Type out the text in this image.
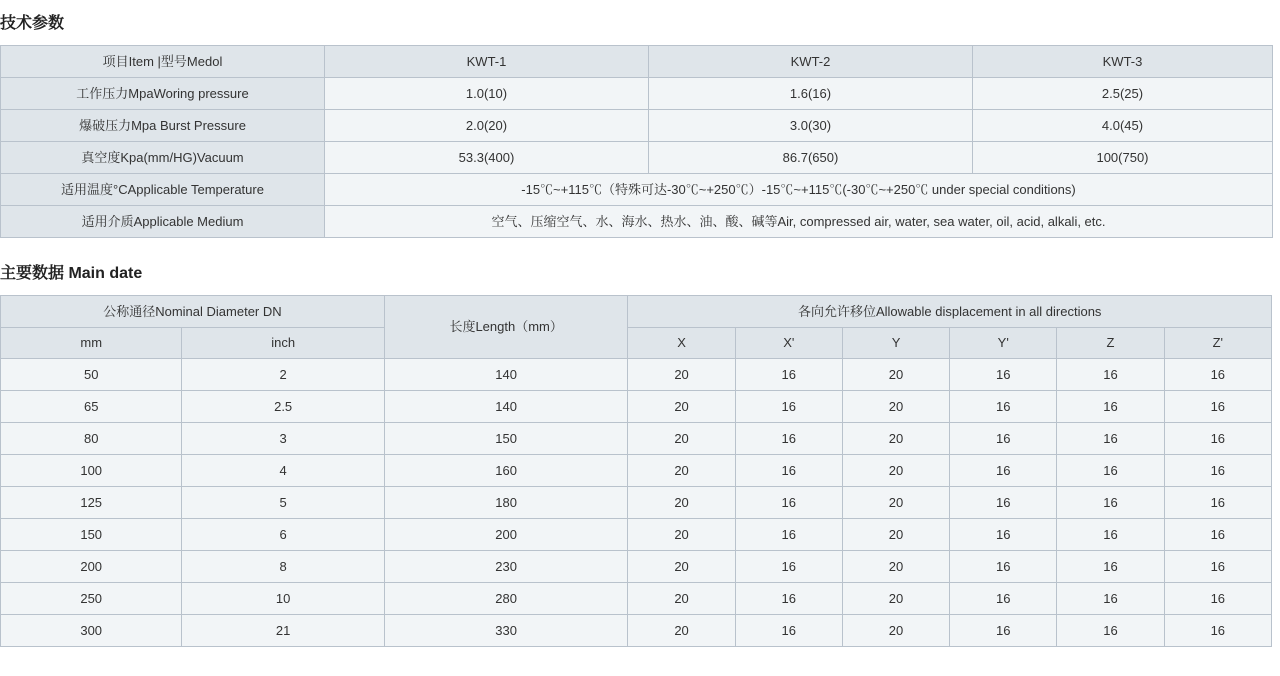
技术参数
项目Item |型号Medol	KWT-1	KWT-2	KWT-3
工作压力MpaWoring pressure	1.0(10)	1.6(16)	2.5(25)
爆破压力Mpa Burst Pressure	2.0(20)	3.0(30)	4.0(45)
真空度Kpa(mm/HG)Vacuum	53.3(400)	86.7(650)	100(750)
适用温度°CApplicable Temperature	-15℃~+115℃（特殊可达-30℃~+250℃）-15℃~+115℃(-30℃~+250℃ under special conditions)		
适用介质Applicable Medium	空气、压缩空气、水、海水、热水、油、酸、碱等Air, compressed air, water, sea water, oil, acid, alkali, etc.		
主要数据 Main date
公称通径Nominal Diameter DN		长度Length（mm）	各向允许移位Allowable displacement in all directions					
mm	inch		X	X'	Y	Y'	Z	Z'
50	2	140	20	16	20	16	16	16
65	2.5	140	20	16	20	16	16	16
80	3	150	20	16	20	16	16	16
100	4	160	20	16	20	16	16	16
125	5	180	20	16	20	16	16	16
150	6	200	20	16	20	16	16	16
200	8	230	20	16	20	16	16	16
250	10	280	20	16	20	16	16	16
300	21	330	20	16	20	16	16	16
